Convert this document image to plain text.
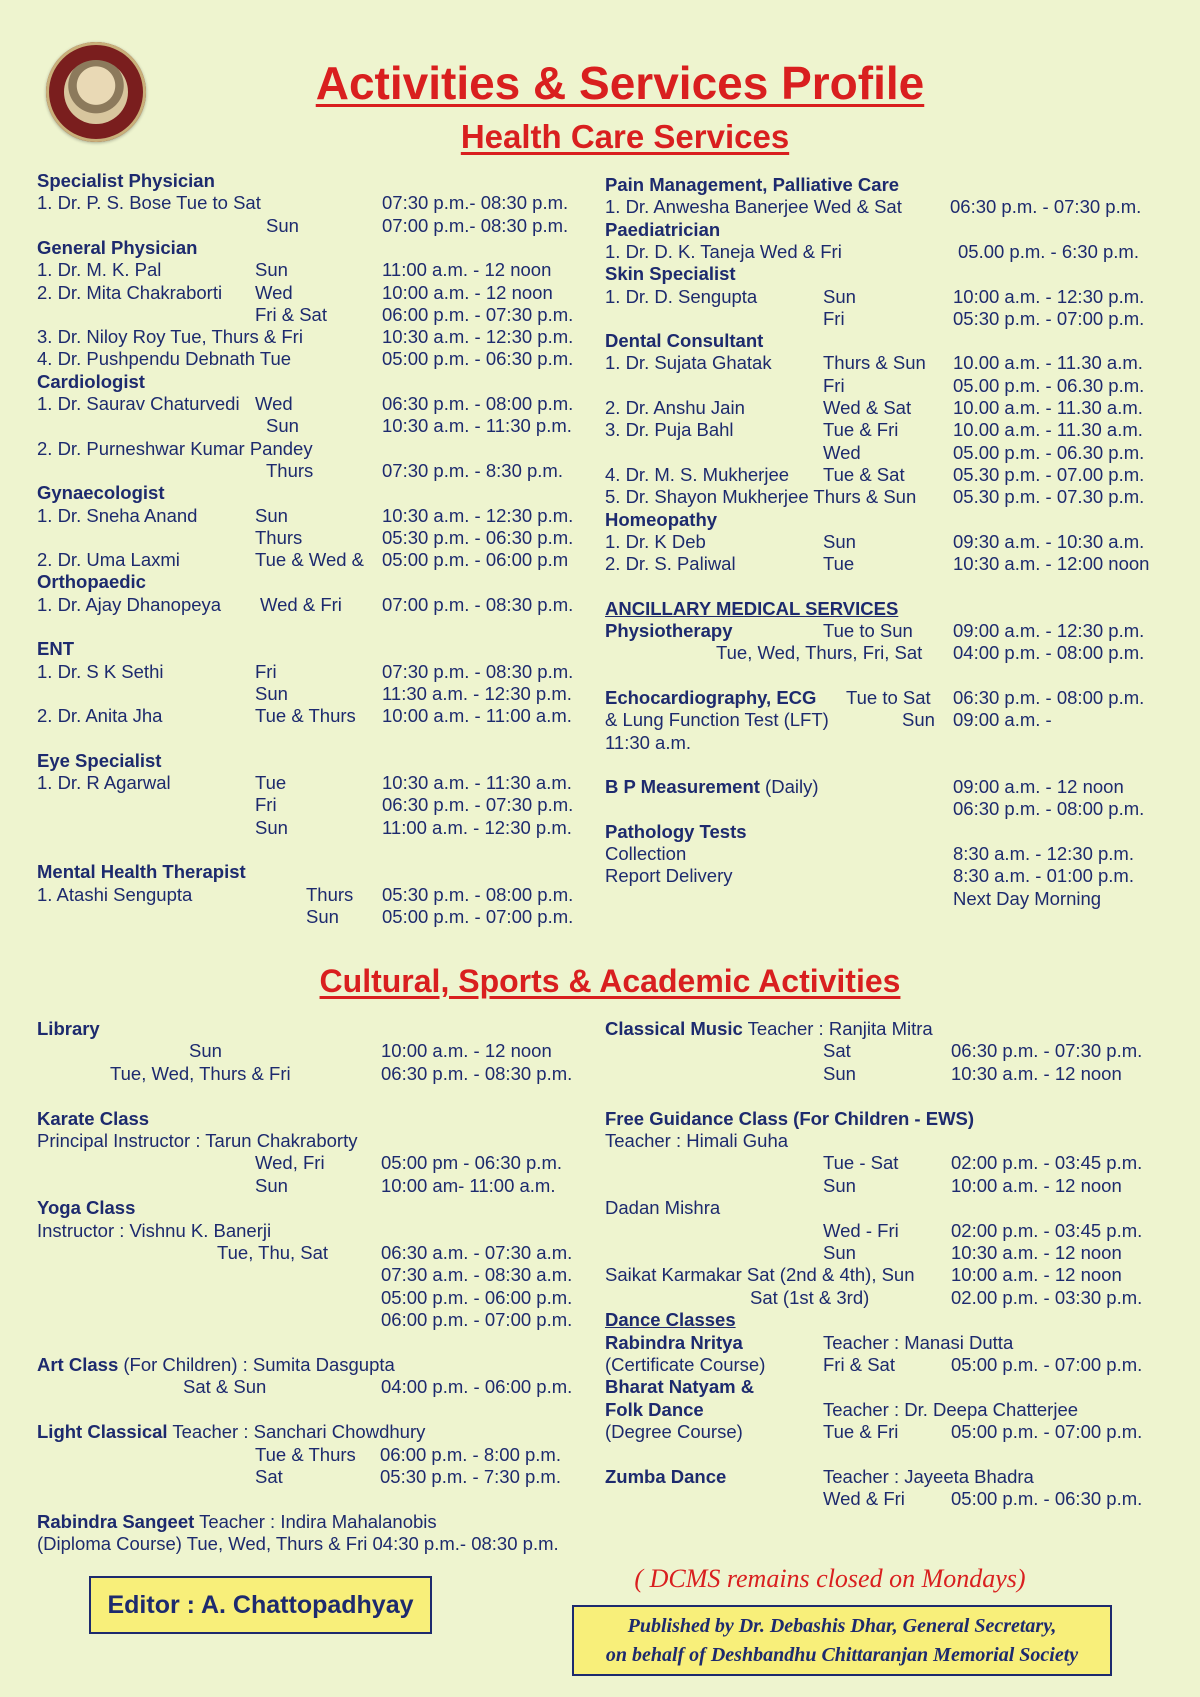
Activities & Services Profile
Health Care Services
Cultural, Sports & Academic Activities
Specialist Physician
1. Dr. P. S. Bose Tue to Sat	07:30 p.m.- 08:30 p.m.
Sun	07:00 p.m.- 08:30 p.m.
General Physician
1. Dr. M. K. Pal	Sun	11:00 a.m. - 12 noon
2. Dr. Mita Chakraborti Wed	10:00 a.m. - 12 noon
Fri & Sat	06:00 p.m. - 07:30 p.m.
3. Dr. Niloy Roy Tue, Thurs & Fri	10:30 a.m. - 12:30 p.m.
4. Dr. Pushpendu Debnath Tue	05:00 p.m. - 06:30 p.m.
Cardiologist
1. Dr. Saurav Chaturvedi Wed	06:30 p.m. - 08:00 p.m.
Sun	10:30 a.m. - 11:30 p.m.
2. Dr. Purneshwar Kumar Pandey
Thurs	07:30 p.m. - 8:30 p.m.
Gynaecologist
1. Dr. Sneha Anand	Sun	10:30 a.m. - 12:30 p.m.
Thurs	05:30 p.m. - 06:30 p.m.
2. Dr. Uma Laxmi	Tue & Wed & 05:00 p.m. - 06:00 p.m
Orthopaedic
1. Dr. Ajay Dhanopeya Wed & Fri 07:00 p.m. - 08:30 p.m.
ENT
1. Dr. S K Sethi	Fri	07:30 p.m. - 08:30 p.m.
Sun	11:30 a.m. - 12:30 p.m.
2. Dr. Anita Jha	Tue & Thurs 10:00 a.m. - 11:00 a.m.
Eye Specialist
1. Dr. R Agarwal	Tue	10:30 a.m. - 11:30 a.m.
Fri	06:30 p.m. - 07:30 p.m.
Sun	11:00 a.m. - 12:30 p.m.
Mental Health Therapist
1. Atashi Sengupta	Thurs 05:30 p.m. - 08:00 p.m.
Sun 05:00 p.m. - 07:00 p.m.
Pain Management, Palliative Care
1. Dr. Anwesha Banerjee Wed & Sat	06:30 p.m. - 07:30 p.m.
Paediatrician
1. Dr. D. K. Taneja Wed & Fri	05.00 p.m. - 6:30 p.m.
Skin Specialist
1. Dr. D. Sengupta	Sun	10:00 a.m. - 12:30 p.m.
Fri	05:30 p.m. - 07:00 p.m.
Dental Consultant
1. Dr. Sujata Ghatak	Thurs & Sun 10.00 a.m. - 11.30 a.m.
Fri	05.00 p.m. - 06.30 p.m.
2. Dr. Anshu Jain	Wed & Sat 10.00 a.m. - 11.30 a.m.
3. Dr. Puja Bahl	Tue & Fri	10.00 a.m. - 11.30 a.m.
Wed	05.00 p.m. - 06.30 p.m.
4. Dr. M. S. Mukherjee Tue & Sat	05.30 p.m. - 07.00 p.m.
5. Dr. Shayon Mukherjee Thurs & Sun 05.30 p.m. - 07.30 p.m.
Homeopathy
1. Dr. K Deb	Sun	09:30 a.m. - 10:30 a.m.
2. Dr. S. Paliwal	Tue	10:30 a.m. - 12:00 noon
ANCILLARY MEDICAL SERVICES
Physiotherapy	Tue to Sun 09:00 a.m. - 12:30 p.m.
Tue, Wed, Thurs, Fri, Sat 04:00 p.m. - 08:00 p.m.
Echocardiography, ECG Tue to Sat 06:30 p.m. - 08:00 p.m.
& Lung Function Test (LFT)	Sun 09:00 a.m. -
11:30 a.m.
B P Measurement (Daily)	09:00 a.m. - 12 noon
06:30 p.m. - 08:00 p.m.
Pathology Tests
Collection	8:30 a.m. - 12:30 p.m.
Report Delivery	8:30 a.m. - 01:00 p.m.
Next Day Morning
Library
Sun	10:00 a.m. - 12 noon
Tue, Wed, Thurs & Fri	06:30 p.m. - 08:30 p.m.
Karate Class
Principal Instructor : Tarun Chakraborty
Wed, Fri	05:00 pm - 06:30 p.m.
Sun	10:00 am- 11:00 a.m.
Yoga Class
Instructor : Vishnu K. Banerji
Tue, Thu, Sat	06:30 a.m. - 07:30 a.m.
07:30 a.m. - 08:30 a.m.
05:00 p.m. - 06:00 p.m.
06:00 p.m. - 07:00 p.m.
Art Class (For Children) : Sumita Dasgupta
Sat & Sun	04:00 p.m. - 06:00 p.m.
Light Classical Teacher : Sanchari Chowdhury
Tue & Thurs 06:00 p.m. - 8:00 p.m.
Sat	05:30 p.m. - 7:30 p.m.
Rabindra Sangeet Teacher : Indira Mahalanobis
(Diploma Course) Tue, Wed, Thurs & Fri 04:30 p.m.- 08:30 p.m.
Classical Music Teacher : Ranjita Mitra
Sat	06:30 p.m. - 07:30 p.m.
Sun	10:30 a.m. - 12 noon
Free Guidance Class (For Children - EWS)
Teacher : Himali Guha
Tue - Sat	02:00 p.m. - 03:45 p.m.
Sun	10:00 a.m. - 12 noon
Dadan Mishra
Wed - Fri	02:00 p.m. - 03:45 p.m.
Sun	10:30 a.m. - 12 noon
Saikat Karmakar Sat (2nd & 4th), Sun 10:00 a.m. - 12 noon
Sat (1st & 3rd)	02.00 p.m. - 03:30 p.m.
Dance Classes
Rabindra Nritya	Teacher : Manasi Dutta
(Certificate Course)	Fri & Sat	05:00 p.m. - 07:00 p.m.
Bharat Natyam &
Folk Dance	Teacher : Dr. Deepa Chatterjee
(Degree Course)	Tue & Fri	05:00 p.m. - 07:00 p.m.
Zumba Dance	Teacher : Jayeeta Bhadra
Wed & Fri 05:00 p.m. - 06:30 p.m.
Editor : A. Chattopadhyay
( DCMS remains closed on Mondays)
Published by Dr. Debashis Dhar, General Secretary,
on behalf of Deshbandhu Chittaranjan Memorial Society
